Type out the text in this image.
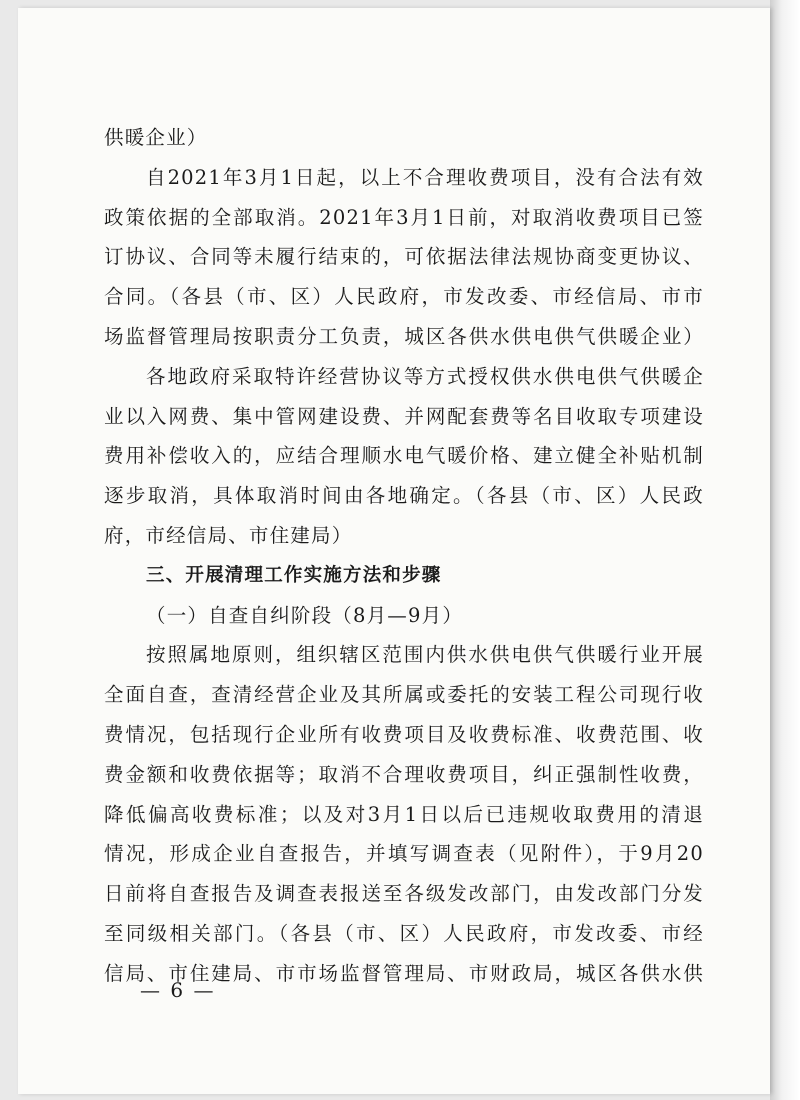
供暖企业）
自2021年3月1日起，以上不合理收费项目，没有合法有效
政策依据的全部取消。2021年3月1日前，对取消收费项目已签
订协议、合同等未履行结束的，可依据法律法规协商变更协议、
合同。（各县（市、区）人民政府，市发改委、市经信局、市市
场监督管理局按职责分工负责，城区各供水供电供气供暖企业）
各地政府采取特许经营协议等方式授权供水供电供气供暖企
业以入网费、集中管网建设费、并网配套费等名目收取专项建设
费用补偿收入的，应结合理顺水电气暖价格、建立健全补贴机制
逐步取消，具体取消时间由各地确定。（各县（市、区）人民政
府，市经信局、市住建局）
三、开展清理工作实施方法和步骤
（一）自查自纠阶段（8月—9月）
按照属地原则，组织辖区范围内供水供电供气供暖行业开展
全面自查，查清经营企业及其所属或委托的安装工程公司现行收
费情况，包括现行企业所有收费项目及收费标准、收费范围、收
费金额和收费依据等；取消不合理收费项目，纠正强制性收费，
降低偏高收费标准；以及对3月1日以后已违规收取费用的清退
情况，形成企业自查报告，并填写调查表（见附件），于9月20
日前将自查报告及调查表报送至各级发改部门，由发改部门分发
至同级相关部门。（各县（市、区）人民政府，市发改委、市经
信局、市住建局、市市场监督管理局、市财政局，城区各供水供
— 6 —
